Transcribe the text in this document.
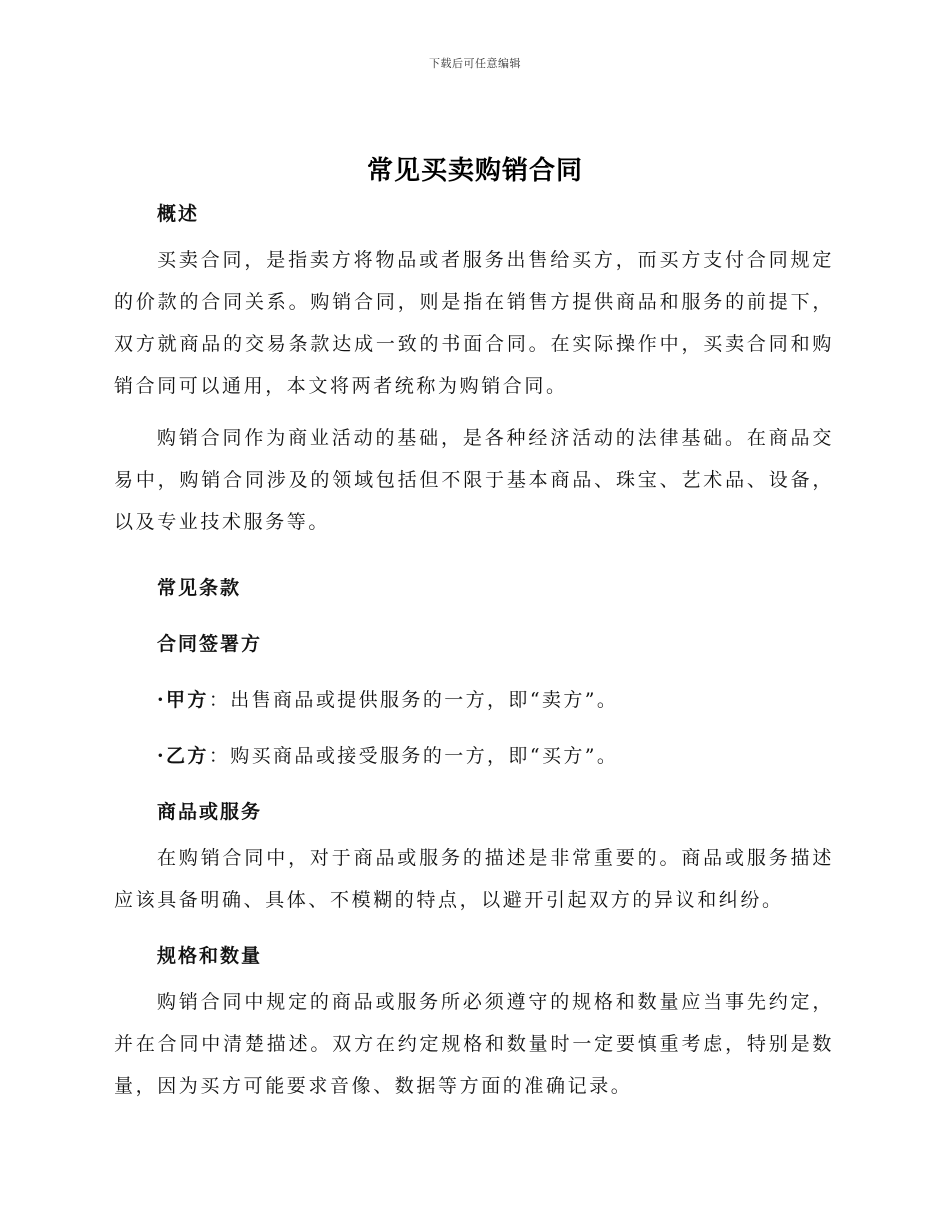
下载后可任意编辑
常见买卖购销合同

概述

买卖合同，是指卖方将物品或者服务出售给买方，而买方支付合同规定的价款的合同关系。购销合同，则是指在销售方提供商品和服务的前提下，双方就商品的交易条款达成一致的书面合同。在实际操作中，买卖合同和购销合同可以通用，本文将两者统称为购销合同。

购销合同作为商业活动的基础，是各种经济活动的法律基础。在商品交易中，购销合同涉及的领域包括但不限于基本商品、珠宝、艺术品、设备，以及专业技术服务等。

常见条款

合同签署方

·甲方：出售商品或提供服务的一方，即“卖方”。

·乙方：购买商品或接受服务的一方，即“买方”。

商品或服务

在购销合同中，对于商品或服务的描述是非常重要的。商品或服务描述应该具备明确、具体、不模糊的特点，以避开引起双方的异议和纠纷。

规格和数量

购销合同中规定的商品或服务所必须遵守的规格和数量应当事先约定，并在合同中清楚描述。双方在约定规格和数量时一定要慎重考虑，特别是数量，因为买方可能要求音像、数据等方面的准确记录。
